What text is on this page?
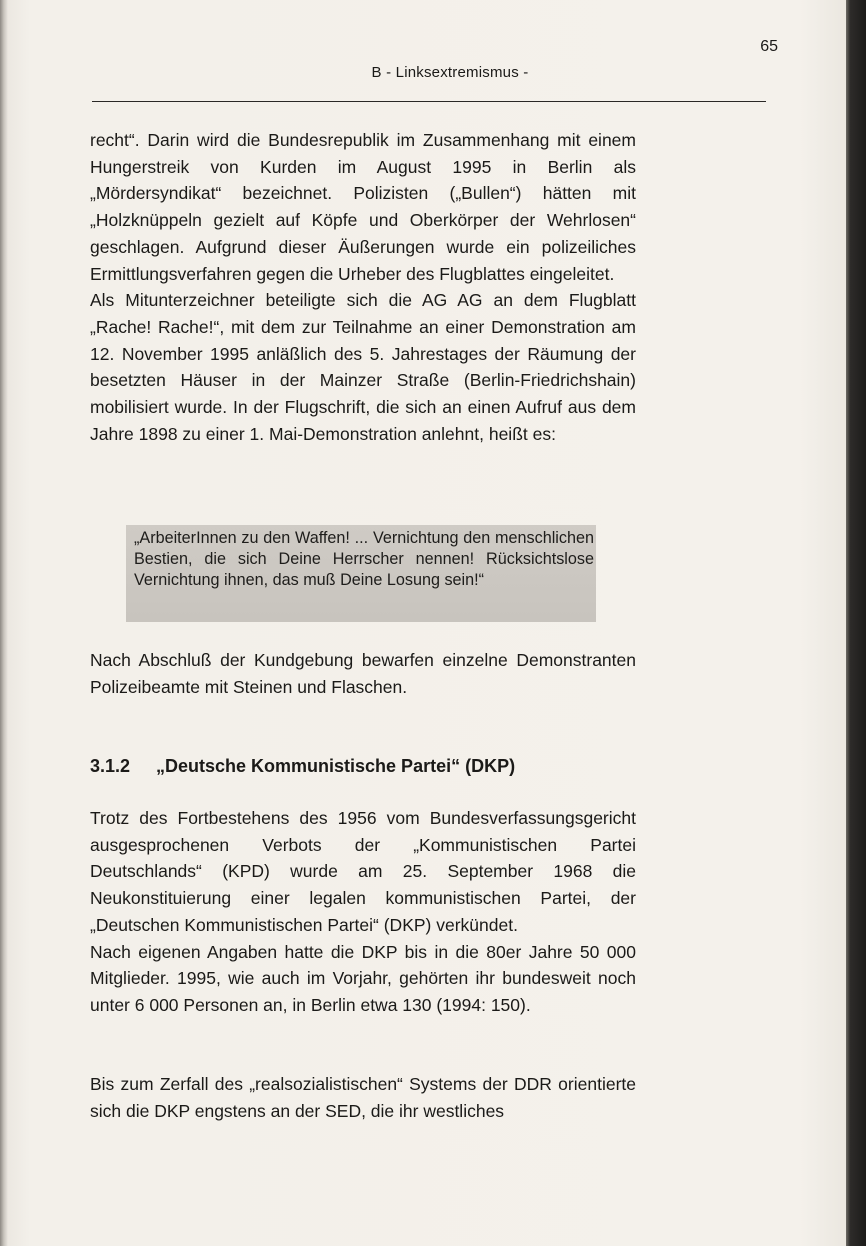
65
B - Linksextremismus -

recht“. Darin wird die Bundesrepublik im Zusammenhang mit einem Hungerstreik von Kurden im August 1995 in Berlin als „Mördersyndikat“ bezeichnet. Polizisten („Bullen“) hätten mit „Holzknüppeln gezielt auf Köpfe und Oberkörper der Wehrlosen“ geschlagen. Aufgrund dieser Äußerungen wurde ein polizeiliches Ermittlungsverfahren gegen die Urheber des Flugblattes eingeleitet.

Als Mitunterzeichner beteiligte sich die AG AG an dem Flugblatt „Rache! Rache!“, mit dem zur Teilnahme an einer Demonstration am 12. November 1995 anläßlich des 5. Jahrestages der Räumung der besetzten Häuser in der Mainzer Straße (Berlin-Friedrichshain) mobilisiert wurde. In der Flugschrift, die sich an einen Aufruf aus dem Jahre 1898 zu einer 1. Mai-Demonstration anlehnt, heißt es:

„ArbeiterInnen zu den Waffen! ... Vernichtung den menschlichen Bestien, die sich Deine Herrscher nennen! Rücksichtslose Vernichtung ihnen, das muß Deine Losung sein!“

Nach Abschluß der Kundgebung bewarfen einzelne Demonstranten Polizeibeamte mit Steinen und Flaschen.

3.1.2 „Deutsche Kommunistische Partei“ (DKP)

Trotz des Fortbestehens des 1956 vom Bundesverfassungsgericht ausgesprochenen Verbots der „Kommunistischen Partei Deutschlands“ (KPD) wurde am 25. September 1968 die Neukonstituierung einer legalen kommunistischen Partei, der „Deutschen Kommunistischen Partei“ (DKP) verkündet.

Nach eigenen Angaben hatte die DKP bis in die 80er Jahre 50 000 Mitglieder. 1995, wie auch im Vorjahr, gehörten ihr bundesweit noch unter 6 000 Personen an, in Berlin etwa 130 (1994: 150).

Bis zum Zerfall des „realsozialistischen“ Systems der DDR orientierte sich die DKP engstens an der SED, die ihr westliches
